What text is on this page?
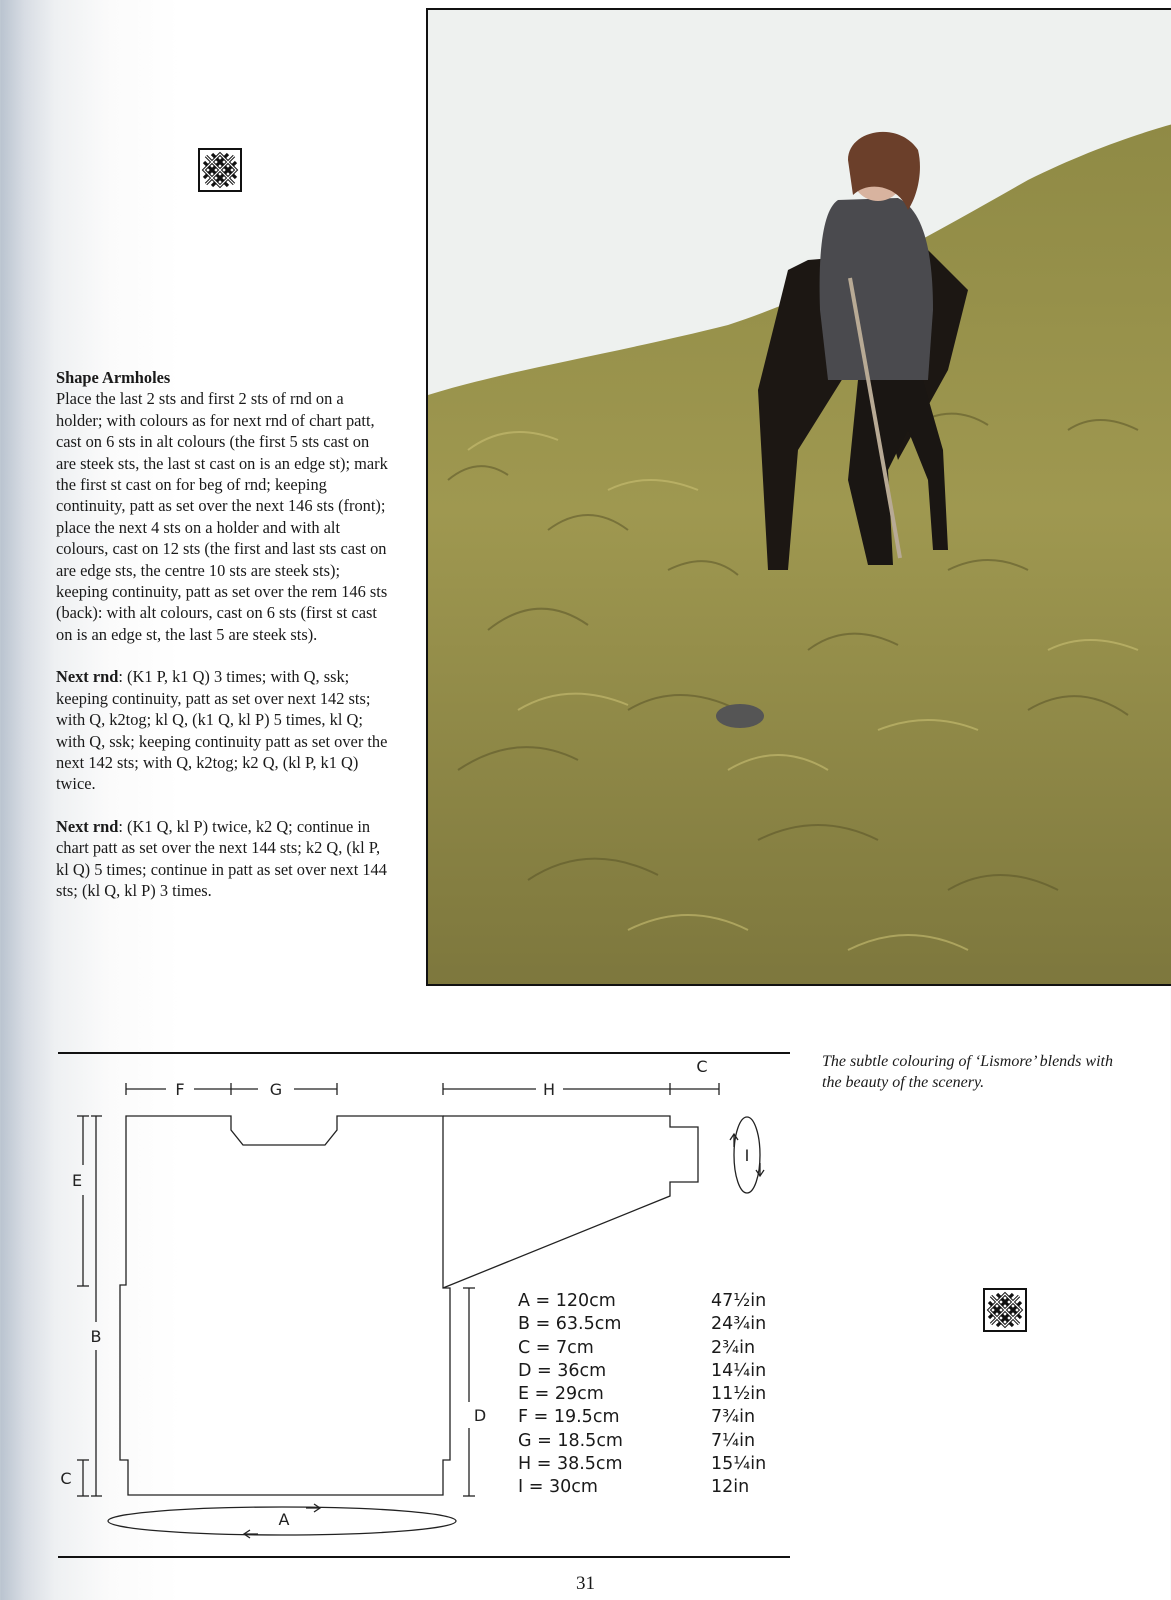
Shape Armholes

Place the last 2 sts and first 2 sts of rnd on a holder; with colours as for next rnd of chart patt, cast on 6 sts in alt colours (the first 5 sts cast on are steek sts, the last st cast on is an edge st); mark the first st cast on for beg of rnd; keeping continuity, patt as set over the next 146 sts (front); place the next 4 sts on a holder and with alt colours, cast on 12 sts (the first and last sts cast on are edge sts, the centre 10 sts are steek sts); keeping continuity, patt as set over the rem 146 sts (back): with alt colours, cast on 6 sts (first st cast on is an edge st, the last 5 are steek sts).

Next rnd: (K1 P, k1 Q) 3 times; with Q, ssk; keeping continuity, patt as set over next 142 sts; with Q, k2tog; kl Q, (k1 Q, kl P) 5 times, kl Q; with Q, ssk; keeping continuity patt as set over the next 142 sts; with Q, k2tog; k2 Q, (kl P, k1 Q) twice.

Next rnd: (K1 Q, kl P) twice, k2 Q; continue in chart patt as set over the next 144 sts; k2 Q, (kl P, kl Q) 5 times; continue in patt as set over next 144 sts; (kl Q, kl P) 3 times.

The subtle colouring of ‘Lismore’ blends with
the beauty of the scenery.
F	G	H
C
E
B
C
D
I
A
A = 120cm	47½in
B = 63.5cm	24¾in
C = 7cm	2¾in
D = 36cm	14¼in
E = 29cm	11½in
F = 19.5cm	7¾in
G = 18.5cm	7¼in
H = 38.5cm	15¼in
I = 30cm	12in
31
